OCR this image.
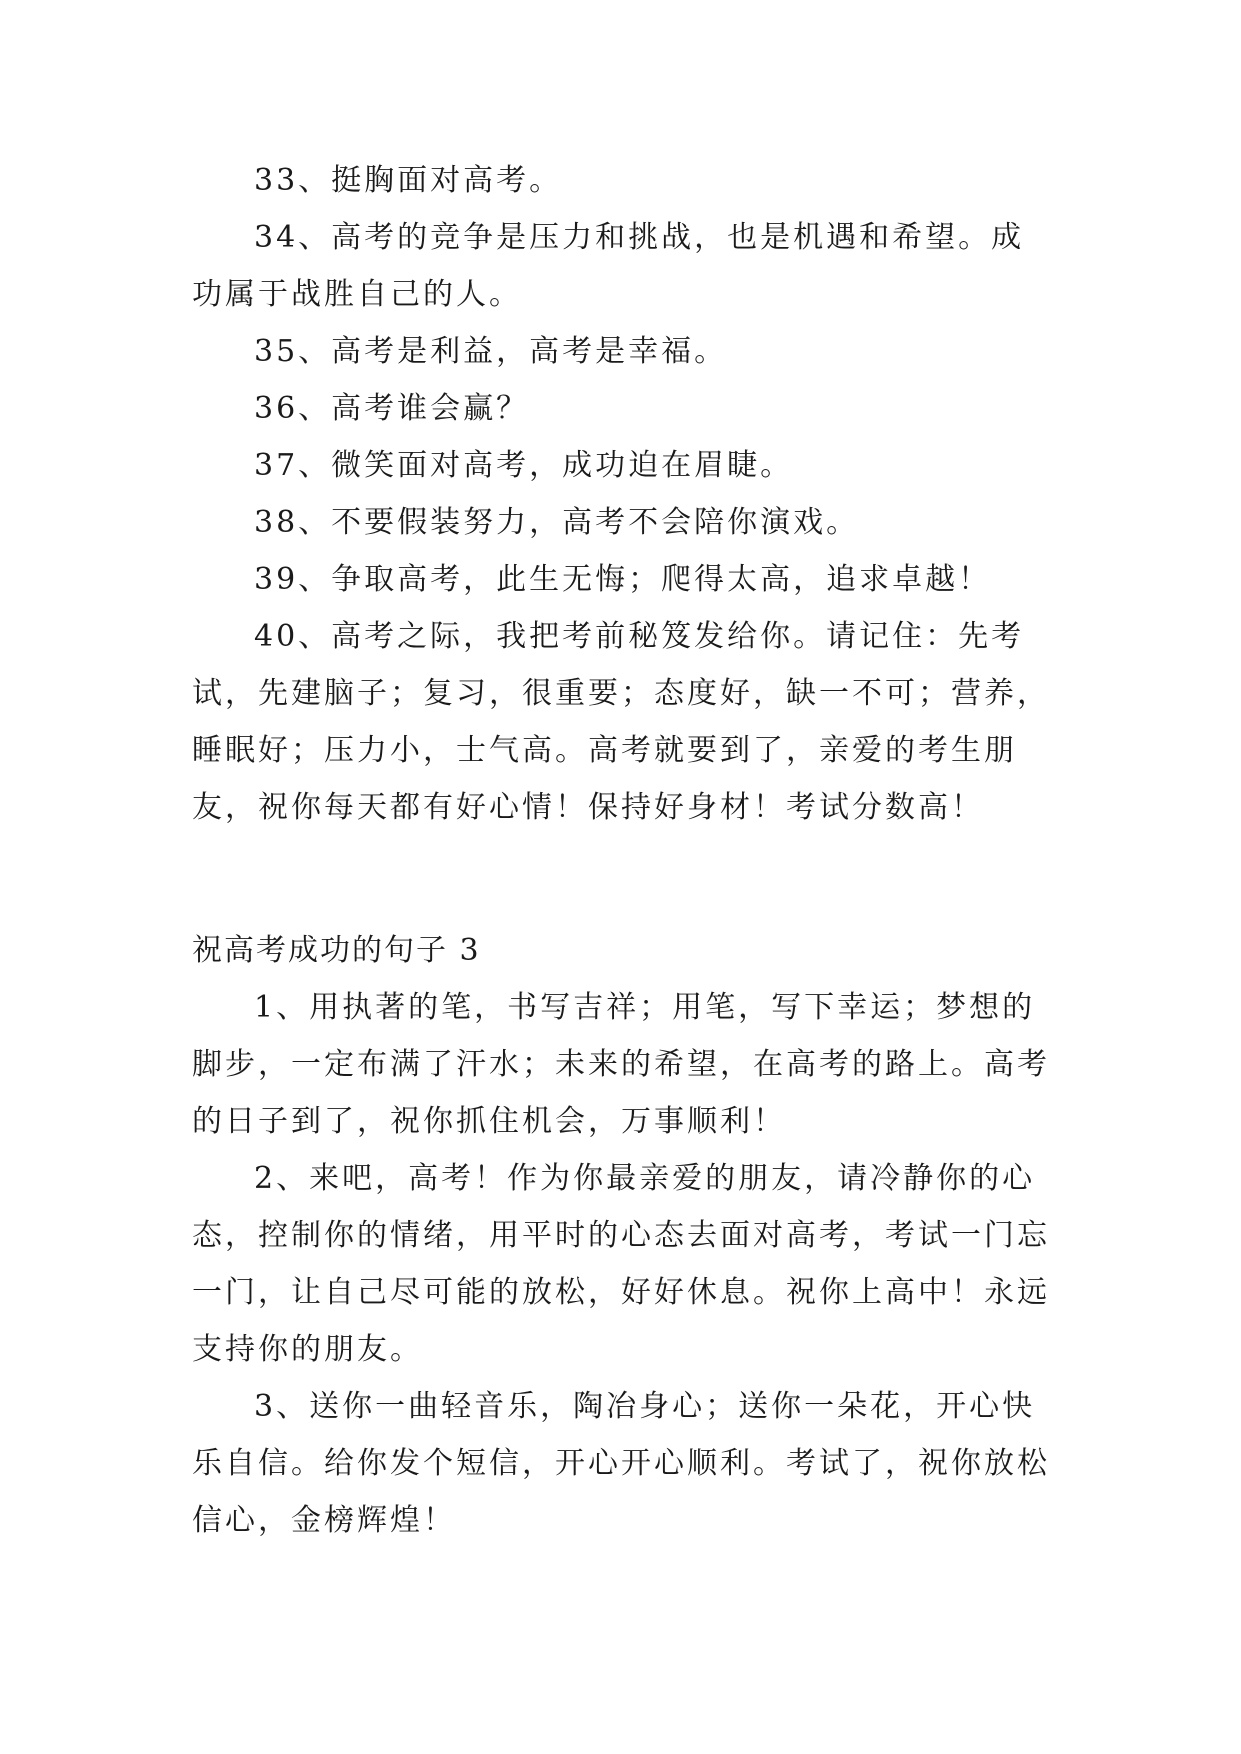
33、挺胸面对高考。

34、高考的竞争是压力和挑战，也是机遇和希望。成功属于战胜自己的人。

35、高考是利益，高考是幸福。

36、高考谁会赢？

37、微笑面对高考，成功迫在眉睫。

38、不要假装努力，高考不会陪你演戏。

39、争取高考，此生无悔；爬得太高，追求卓越！

40、高考之际，我把考前秘笈发给你。请记住：先考试，先建脑子；复习，很重要；态度好，缺一不可；营养，睡眠好；压力小，士气高。高考就要到了，亲爱的考生朋友，祝你每天都有好心情！保持好身材！考试分数高！

祝高考成功的句子 3

1、用执著的笔，书写吉祥；用笔，写下幸运；梦想的脚步，一定布满了汗水；未来的希望，在高考的路上。高考的日子到了，祝你抓住机会，万事顺利！

2、来吧，高考！作为你最亲爱的朋友，请冷静你的心态，控制你的情绪，用平时的心态去面对高考，考试一门忘一门，让自己尽可能的放松，好好休息。祝你上高中！永远支持你的朋友。

3、送你一曲轻音乐，陶冶身心；送你一朵花，开心快乐自信。给你发个短信，开心开心顺利。考试了，祝你放松信心，金榜辉煌！
